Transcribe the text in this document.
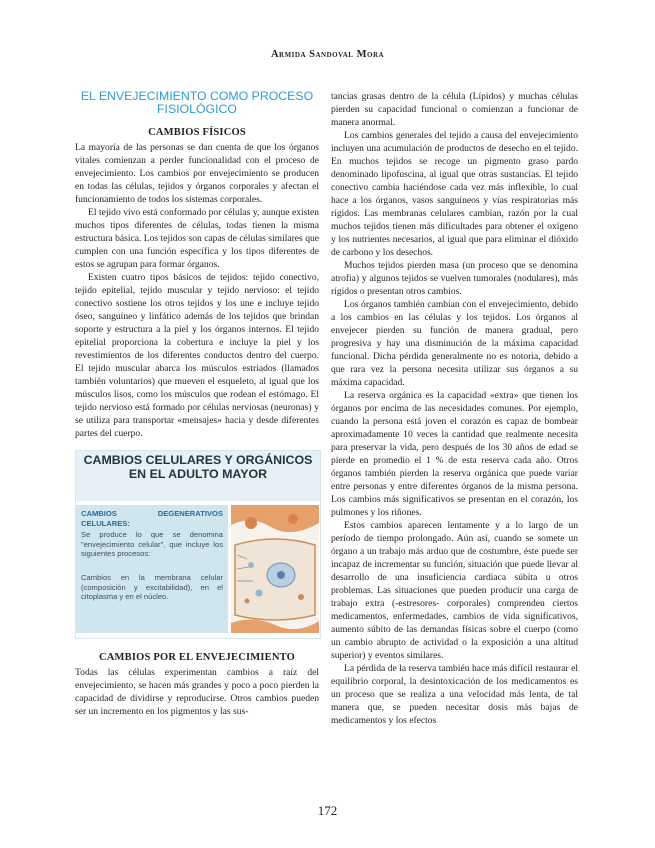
Armida Sandoval Mora
EL ENVEJECIMIENTO COMO PROCESO FISIOLÓGICO
CAMBIOS FÍSICOS

La mayoría de las personas se dan cuenta de que los órganos vitales comienzan a perder funcionalidad con el proceso de envejecimiento. Los cambios por envejecimiento se producen en todas las células, tejidos y órganos corporales y afectan el funcionamiento de todos los sistemas corporales.

El tejido vivo está conformado por células y, aunque existen muchos tipos diferentes de células, todas tienen la misma estructura básica. Los tejidos son capas de células similares que cumplen con una función específica y los tipos diferentes de estos se agrupan para formar órganos.

Existen cuatro tipos básicos de tejidos: tejido conectivo, tejido epitelial, tejido muscular y tejido nervioso: el tejido conectivo sostiene los otros tejidos y los une e incluye tejido óseo, sanguíneo y linfático además de los tejidos que brindan soporte y estructura a la piel y los órganos internos. El tejido epitelial proporciona la cobertura e incluye la piel y los revestimientos de los diferentes conductos dentro del cuerpo. El tejido muscular abarca los músculos estriados (llamados también voluntarios) que mueven el esqueleto, al igual que los músculos lisos, como los músculos que rodean el estómago. El tejido nervioso está formado por células nerviosas (neuronas) y se utiliza para transportar «mensajes» hacia y desde diferentes partes del cuerpo.

CAMBIOS CELULARES Y ORGÁNICOS EN EL ADULTO MAYOR
CAMBIOS DEGENERATIVOS CELULARES:
Se produce lo que se denomina "envejecimiento celular", que incluye los siguientes procesos:
Cambios en la membrana celular (composición y excitabilidad), en el citoplasma y en el núcleo.
CAMBIOS POR EL ENVEJECIMIENTO

Todas las células experimentan cambios a raíz del envejecimiento, se hacen más grandes y poco a poco pierden la capacidad de dividirse y reproducirse. Otros cambios pueden ser un incremento en los pigmentos y las sus-

tancias grasas dentro de la célula (Lípidos) y muchas células pierden su capacidad funcional o comienzan a funcionar de manera anormal.

Los cambios generales del tejido a causa del envejecimiento incluyen una acumulación de productos de desecho en el tejido. En muchos tejidos se recoge un pigmento graso pardo denominado lipofuscina, al igual que otras sustancias. El tejido conectivo cambia haciéndose cada vez más inflexible, lo cual hace a los órganos, vasos sanguíneos y vías respiratorias más rígidos. Las membranas celulares cambian, razón por la cual muchos tejidos tienen más dificultades para obtener el oxígeno y los nutrientes necesarios, al igual que para eliminar el dióxido de carbono y los desechos.

Muchos tejidos pierden masa (un proceso que se denomina atrofia) y algunos tejidos se vuelven tumorales (nodulares), más rígidos o presentan otros cambios.

Los órganos también cambian con el envejecimiento, debido a los cambios en las células y los tejidos. Los órganos al envejecer pierden su función de manera gradual, pero progresiva y hay una disminución de la máxima capacidad funcional. Dicha pérdida generalmente no es notoria, debido a que rara vez la persona necesita utilizar sus órganos a su máxima capacidad.

La reserva orgánica es la capacidad «extra» que tienen los órganos por encima de las necesidades comunes. Por ejemplo, cuando la persona está joven el corazón es capaz de bombear aproximadamente 10 veces la cantidad que realmente necesita para preservar la vida, pero después de los 30 años de edad se pierde en promedio el 1 % de esta reserva cada año. Otros órganos también pierden la reserva orgánica que puede variar entre personas y entre diferentes órganos de la misma persona. Los cambios más significativos se presentan en el corazón, los pulmones y los riñones.

Estos cambios aparecen lentamente y a lo largo de un período de tiempo prolongado. Aún así, cuando se somete un órgano a un trabajo más arduo que de costumbre, éste puede ser incapaz de incrementar su función, situación que puede llevar al desarrollo de una insuficiencia cardiaca súbita u otros problemas. Las situaciones que pueden producir una carga de trabajo extra (-estresores- corporales) comprenden ciertos medicamentos, enfermedades, cambios de vida significativos, aumento súbito de las demandas físicas sobre el cuerpo (como un cambio abrupto de actividad o la exposición a una altitud superior) y eventos similares.

La pérdida de la reserva también hace más difícil restaurar el equilibrio corporal, la desintoxicación de los medicamentos es un proceso que se realiza a una velocidad más lenta, de tal manera que, se pueden necesitar dosis más bajas de medicamentos y los efectos

172
